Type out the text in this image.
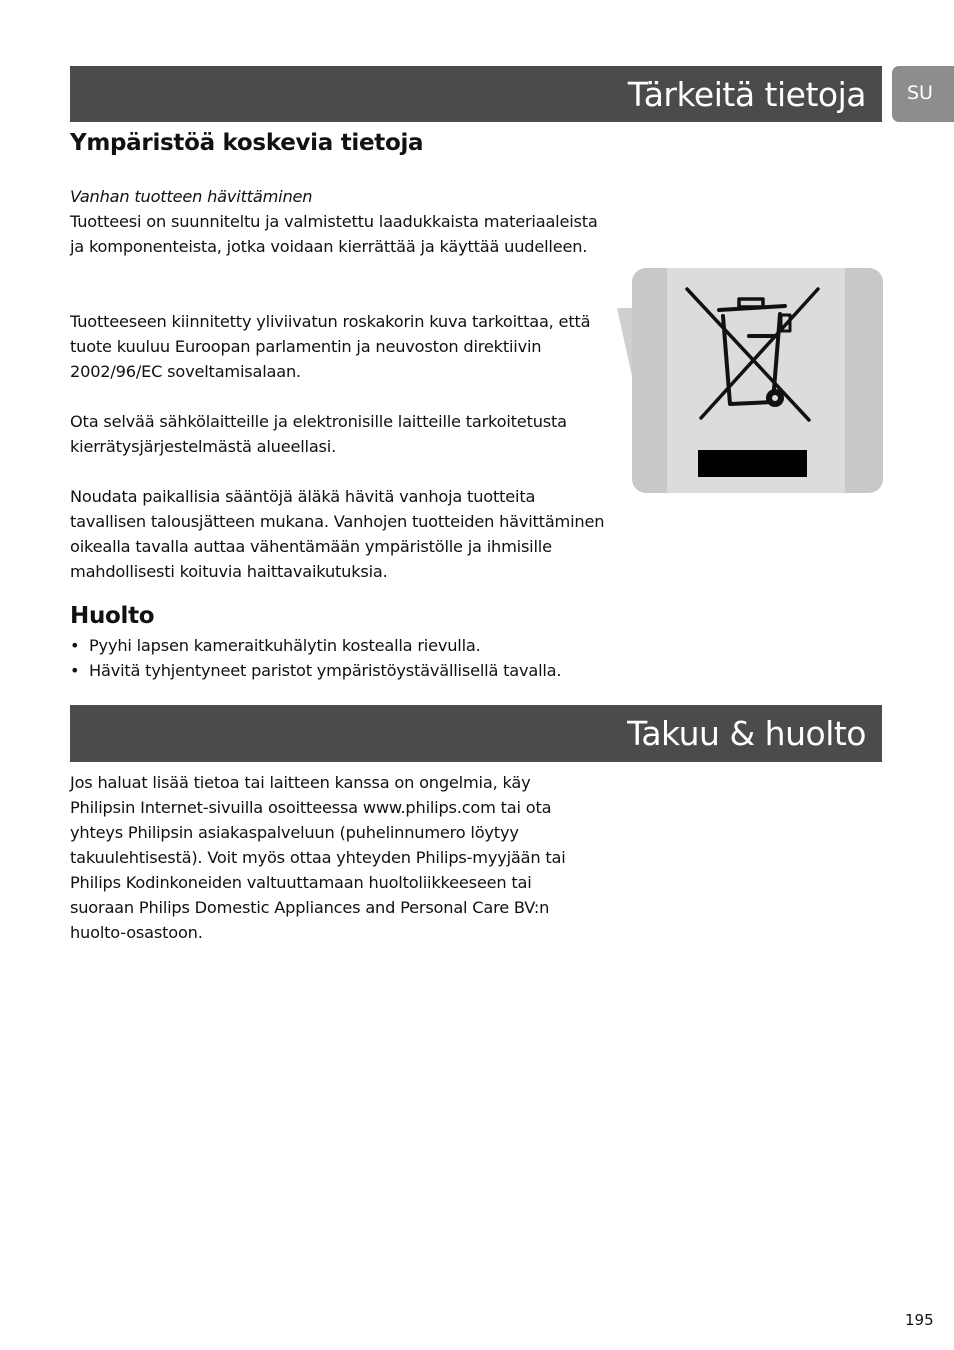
Tärkeitä tietoja	SU
Ympäristöä koskevia tietoja

Vanhan tuotteen hävittäminen

Tuotteesi on suunniteltu ja valmistettu laadukkaista materiaaleista ja komponenteista, jotka voidaan kierrättää ja käyttää uudelleen.

Tuotteeseen kiinnitetty yliviivatun roskakorin kuva tarkoittaa, että tuote kuuluu Euroopan parlamentin ja neuvoston direktiivin 2002/96/EC soveltamisalaan.

Ota selvää sähkölaitteille ja elektronisille laitteille tarkoitetusta kierrätysjärjestelmästä alueellasi.

Noudata paikallisia sääntöjä äläkä hävitä vanhoja tuotteita tavallisen talousjätteen mukana. Vanhojen tuotteiden hävittäminen oikealla tavalla auttaa vähentämään ympäristölle ja ihmisille mahdollisesti koituvia haittavaikutuksia.

Huolto
• Pyyhi lapsen kameraitkuhälytin kostealla rievulla.
• Hävitä tyhjentyneet paristot ympäristöystävällisellä tavalla.
Takuu & huolto

Jos haluat lisää tietoa tai laitteen kanssa on ongelmia, käy Philipsin Internet-sivuilla osoitteessa www.philips.com tai ota yhteys Philipsin asiakaspalveluun (puhelinnumero löytyy takuulehtisestä). Voit myös ottaa yhteyden Philips-myyjään tai Philips Kodinkoneiden valtuuttamaan huoltoliikkeeseen tai suoraan Philips Domestic Appliances and Personal Care BV:n huolto-osastoon.

195
